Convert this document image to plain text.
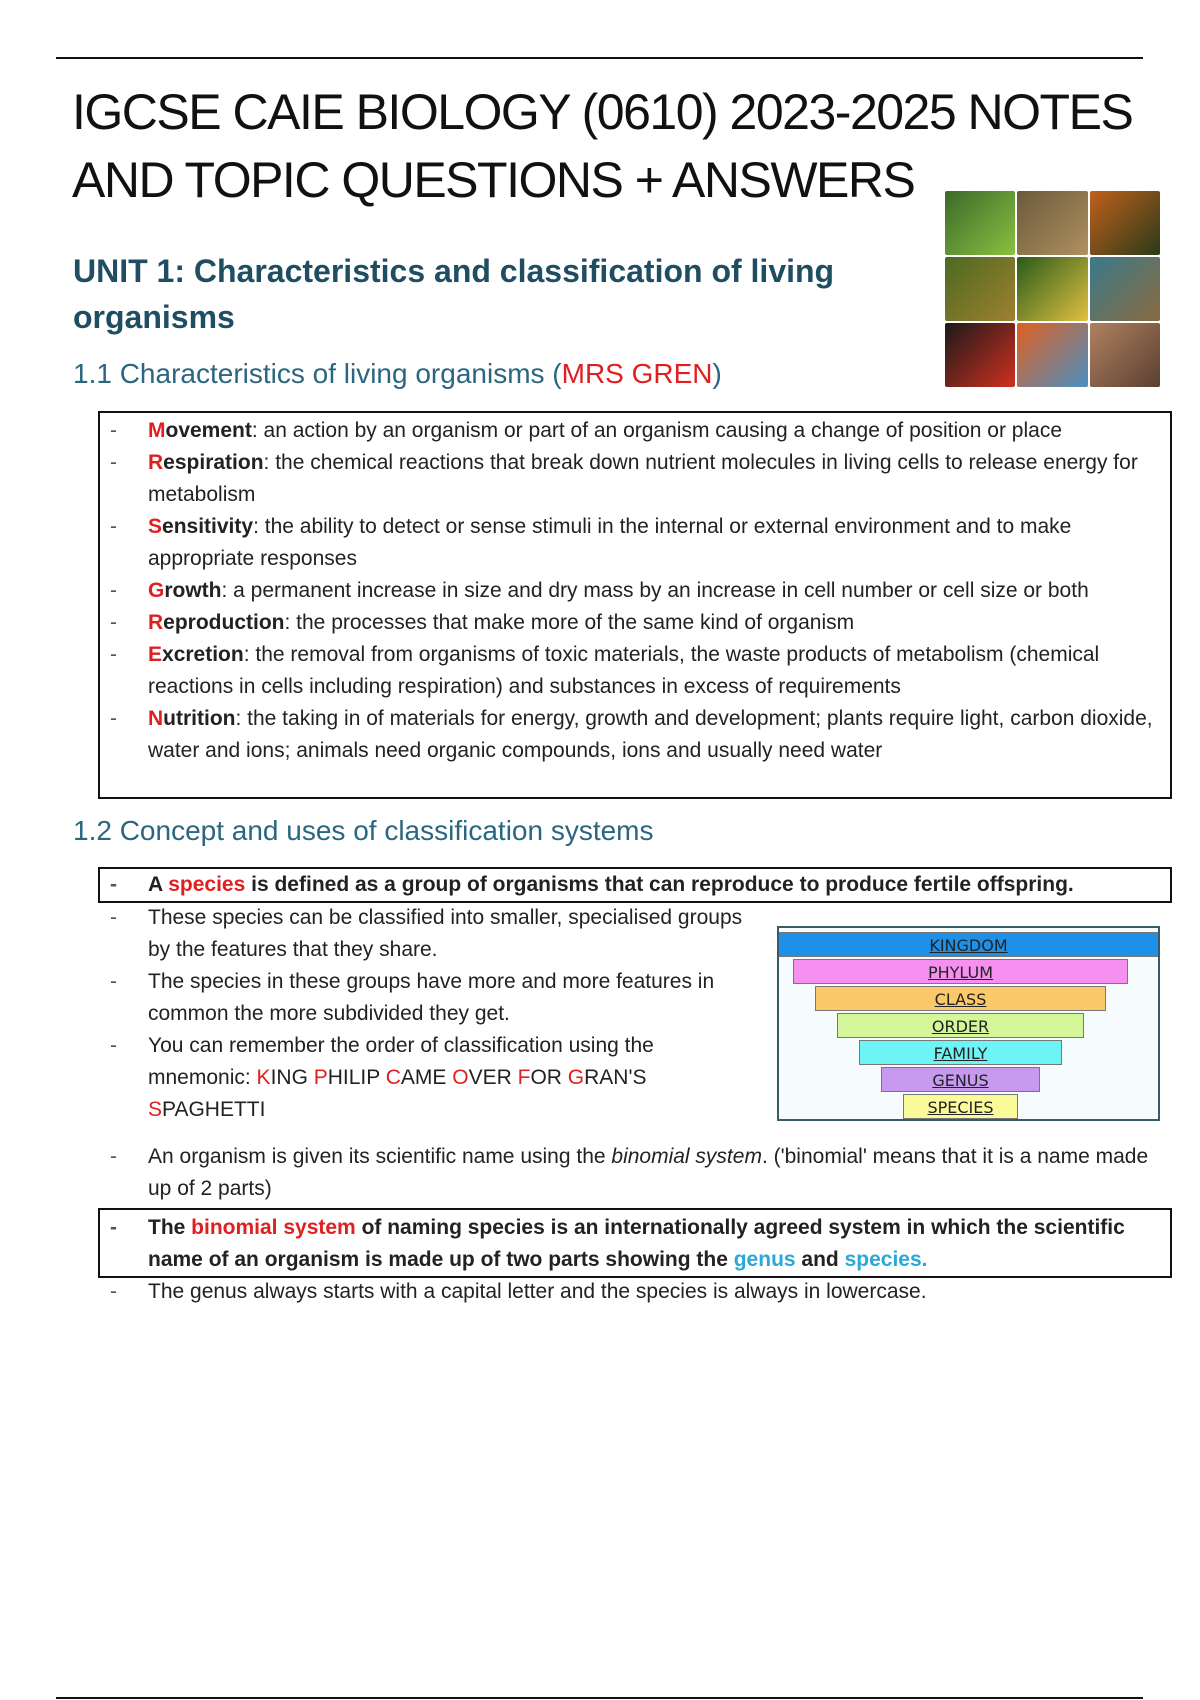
IGCSE CAIE BIOLOGY (0610) 2023-2025 NOTES
AND TOPIC QUESTIONS + ANSWERS
UNIT 1: Characteristics and classification of living organisms
1.1 Characteristics of living organisms (MRS GREN)
- Movement: an action by an organism or part of an organism causing a change of position or place
- Respiration: the chemical reactions that break down nutrient molecules in living cells to release energy for metabolism
- Sensitivity: the ability to detect or sense stimuli in the internal or external environment and to make appropriate responses
- Growth: a permanent increase in size and dry mass by an increase in cell number or cell size or both
- Reproduction: the processes that make more of the same kind of organism
- Excretion: the removal from organisms of toxic materials, the waste products of metabolism (chemical reactions in cells including respiration) and substances in excess of requirements
- Nutrition: the taking in of materials for energy, growth and development; plants require light, carbon dioxide, water and ions; animals need organic compounds, ions and usually need water
1.2 Concept and uses of classification systems
- A species is defined as a group of organisms that can reproduce to produce fertile offspring.
- These species can be classified into smaller, specialised groups by the features that they share.
- The species in these groups have more and more features in common the more subdivided they get.
- You can remember the order of classification using the mnemonic: KING PHILIP CAME OVER FOR GRAN'S SPAGHETTI
KINGDOM
PHYLUM
CLASS
ORDER
FAMILY
GENUS
SPECIES
- An organism is given its scientific name using the binomial system. ('binomial' means that it is a name made up of 2 parts)
- The binomial system of naming species is an internationally agreed system in which the scientific name of an organism is made up of two parts showing the genus and species.
- The genus always starts with a capital letter and the species is always in lowercase.
